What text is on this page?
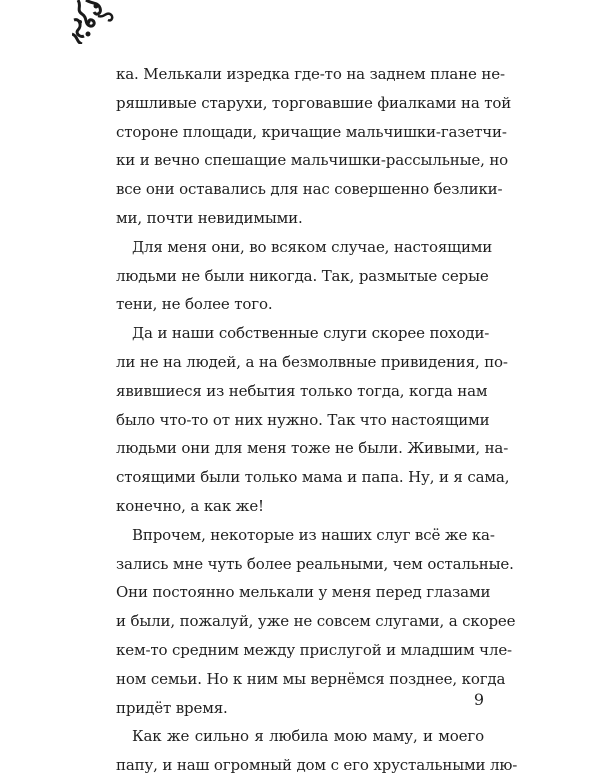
ка. Мелькали изредка где-то на заднем плане не-
ряшливые старухи, торговавшие фиалками на той
стороне площади, кричащие мальчишки-газетчи-
ки и вечно спешащие мальчишки-рассыльные, но
все они оставались для нас совершенно безлики-
ми, почти невидимыми.

Для меня они, во всяком случае, настоящими
людьми не были никогда. Так, размытые серые
тени, не более того.

Да и наши собственные слуги скорее походи-
ли не на людей, а на безмолвные привидения, по-
явившиеся из небытия только тогда, когда нам
было что-то от них нужно. Так что настоящими
людьми они для меня тоже не были. Живыми, на-
стоящими были только мама и папа. Ну, и я сама,
конечно, а как же!

Впрочем, некоторые из наших слуг всё же ка-
зались мне чуть более реальными, чем остальные.
Они постоянно мелькали у меня перед глазами
и были, пожалуй, уже не совсем слугами, а скорее
кем-то средним между прислугой и младшим чле-
ном семьи. Но к ним мы вернёмся позднее, когда
придёт время.

Как же сильно я любила мою маму, и моего
папу, и наш огромный дом с его хрустальными лю-

9
